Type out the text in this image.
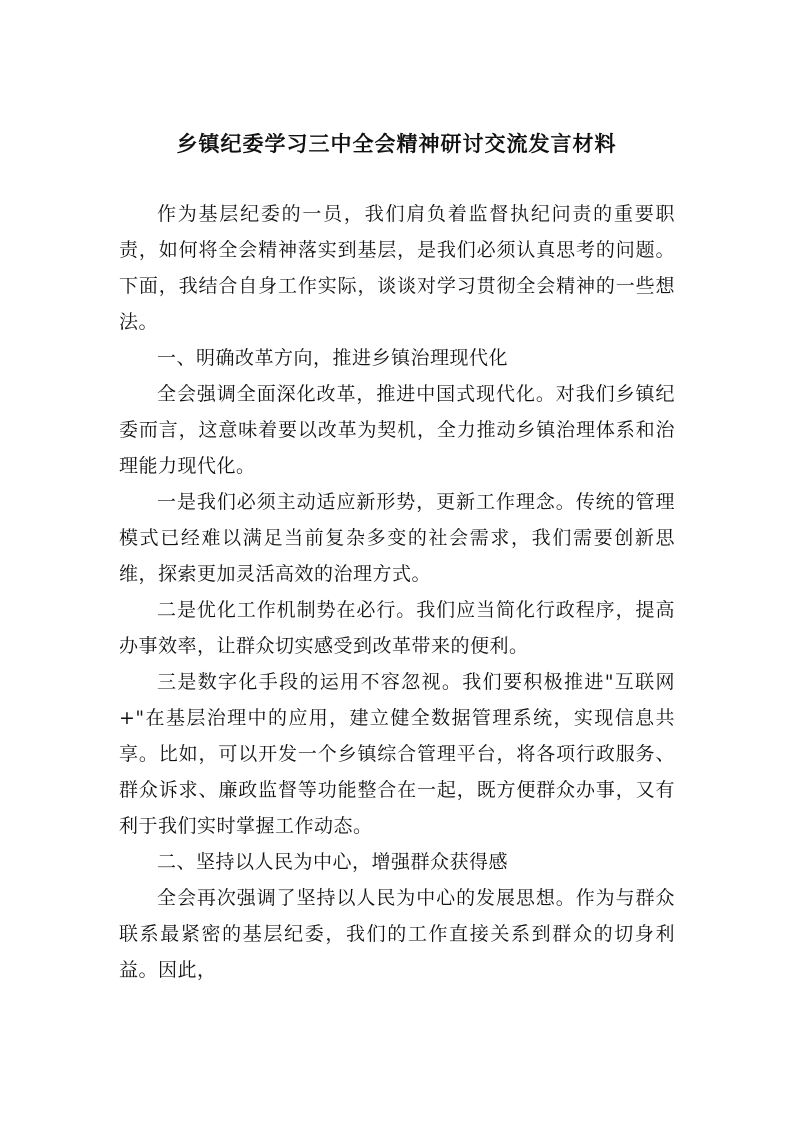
乡镇纪委学习三中全会精神研讨交流发言材料

作为基层纪委的一员，我们肩负着监督执纪问责的重要职责，如何将全会精神落实到基层，是我们必须认真思考的问题。下面，我结合自身工作实际，谈谈对学习贯彻全会精神的一些想法。

一、明确改革方向，推进乡镇治理现代化

全会强调全面深化改革，推进中国式现代化。对我们乡镇纪委而言，这意味着要以改革为契机，全力推动乡镇治理体系和治理能力现代化。

一是我们必须主动适应新形势，更新工作理念。传统的管理模式已经难以满足当前复杂多变的社会需求，我们需要创新思维，探索更加灵活高效的治理方式。

二是优化工作机制势在必行。我们应当简化行政程序，提高办事效率，让群众切实感受到改革带来的便利。

三是数字化手段的运用不容忽视。我们要积极推进"互联网+"在基层治理中的应用，建立健全数据管理系统，实现信息共享。比如，可以开发一个乡镇综合管理平台，将各项行政服务、群众诉求、廉政监督等功能整合在一起，既方便群众办事，又有利于我们实时掌握工作动态。

二、坚持以人民为中心，增强群众获得感

全会再次强调了坚持以人民为中心的发展思想。作为与群众联系最紧密的基层纪委，我们的工作直接关系到群众的切身利益。因此，
